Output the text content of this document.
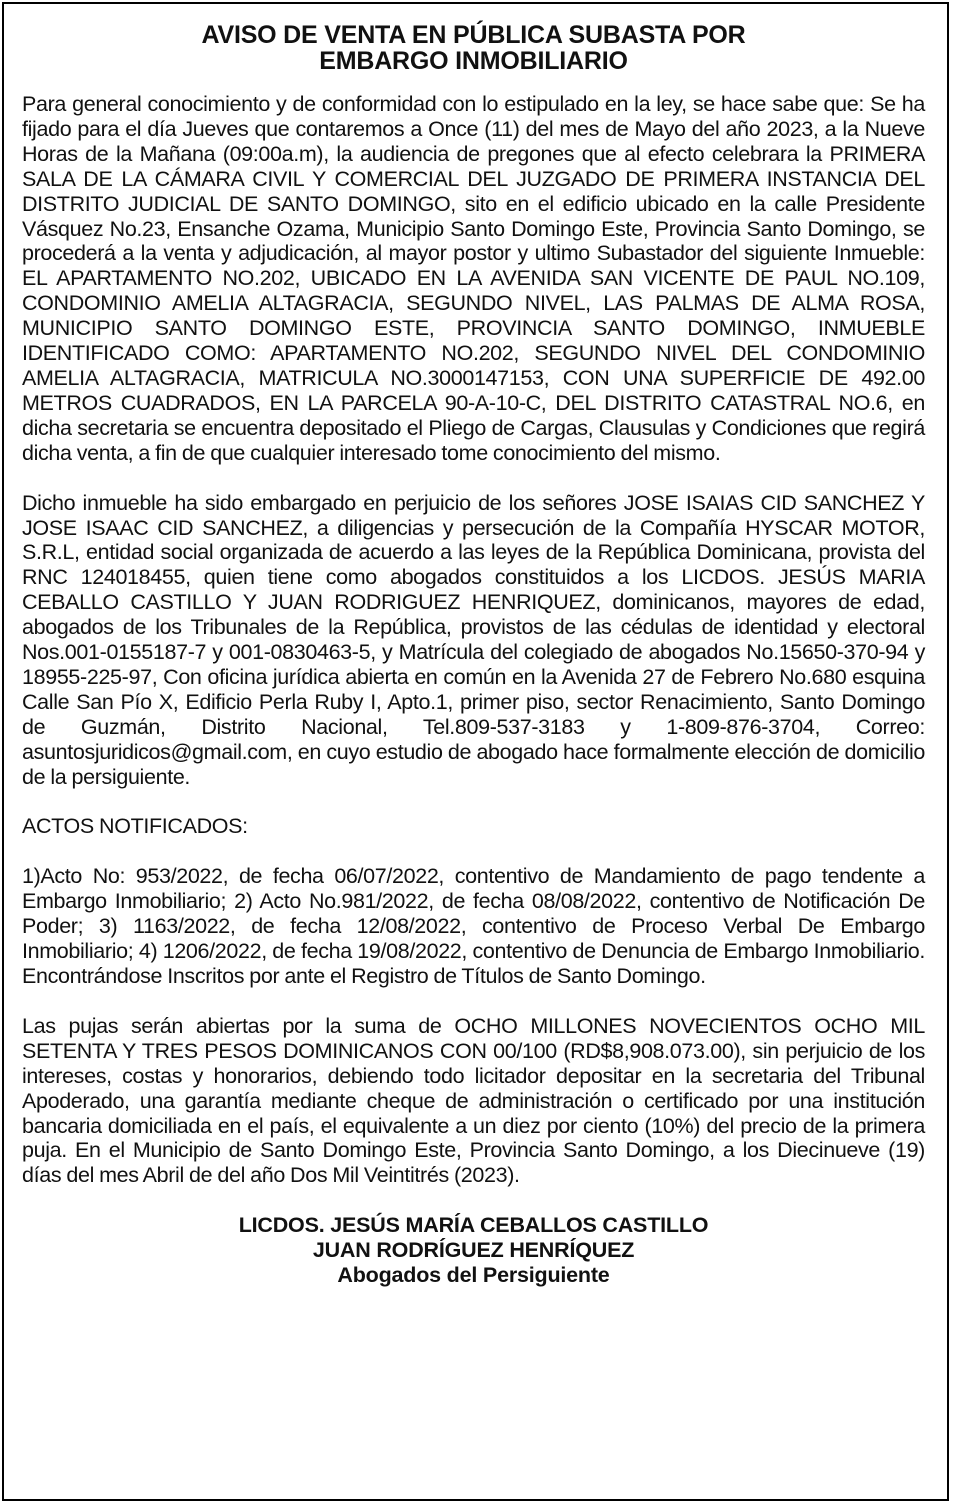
AVISO DE VENTA EN PÚBLICA SUBASTA POR
EMBARGO INMOBILIARIO

Para general conocimiento y de conformidad con lo estipulado en la ley, se hace sabe que: Se ha fijado para el día Jueves que contaremos a Once (11) del mes de Mayo del año 2023, a la Nueve Horas de la Mañana (09:00a.m), la audiencia de pregones que al efecto celebrara la PRIMERA SALA DE LA CÁMARA CIVIL Y COMERCIAL DEL JUZGADO DE PRIMERA INSTANCIA DEL DISTRITO JUDICIAL DE SANTO DOMINGO, sito en el edificio ubicado en la calle Presidente Vásquez No.23, Ensanche Ozama, Municipio Santo Domingo Este, Provincia Santo Domingo, se procederá a la venta y adjudicación, al mayor postor y ultimo Subastador del siguiente Inmueble: EL APARTAMENTO NO.202, UBICADO EN LA AVENIDA SAN VICENTE DE PAUL NO.109, CONDOMINIO AMELIA ALTAGRACIA, SEGUNDO NIVEL, LAS PALMAS DE ALMA ROSA, MUNICIPIO SANTO DOMINGO ESTE, PROVINCIA SANTO DOMINGO, INMUEBLE IDENTIFICADO COMO: APARTAMENTO NO.202, SEGUNDO NIVEL DEL CONDOMINIO AMELIA ALTAGRACIA, MATRICULA NO.3000147153, CON UNA SUPERFICIE DE 492.00 METROS CUADRADOS, EN LA PARCELA 90-A-10-C, DEL DISTRITO CATASTRAL NO.6, en dicha secretaria se encuentra depositado el Pliego de Cargas, Clausulas y Condiciones que regirá dicha venta, a fin de que cualquier interesado tome conocimiento del mismo.

Dicho inmueble ha sido embargado en perjuicio de los señores JOSE ISAIAS CID SANCHEZ Y JOSE ISAAC CID SANCHEZ, a diligencias y persecución de la Compañía HYSCAR MOTOR, S.R.L, entidad social organizada de acuerdo a las leyes de la República Dominicana, provista del RNC 124018455, quien tiene como abogados constituidos a los LICDOS. JESÚS MARIA CEBALLO CASTILLO Y JUAN RODRIGUEZ HENRIQUEZ, dominicanos, mayores de edad, abogados de los Tribunales de la República, provistos de las cédulas de identidad y electoral Nos.001-0155187-7 y 001-0830463-5, y Matrícula del colegiado de abogados No.15650-370-94 y 18955-225-97, Con oficina jurídica abierta en común en la Avenida 27 de Febrero No.680 esquina Calle San Pío X, Edificio Perla Ruby I, Apto.1, primer piso, sector Renacimiento, Santo Domingo de Guzmán, Distrito Nacional, Tel.809-537-3183 y 1-809-876-3704, Correo: asuntosjuridicos@gmail.com, en cuyo estudio de abogado hace formalmente elección de domicilio de la persiguiente.

ACTOS NOTIFICADOS:

1)Acto No: 953/2022, de fecha 06/07/2022, contentivo de Mandamiento de pago tendente a Embargo Inmobiliario; 2) Acto No.981/2022, de fecha 08/08/2022, contentivo de Notificación De Poder; 3) 1163/2022, de fecha 12/08/2022, contentivo de Proceso Verbal De Embargo Inmobiliario; 4) 1206/2022, de fecha 19/08/2022, contentivo de Denuncia de Embargo Inmobiliario. Encontrándose Inscritos por ante el Registro de Títulos de Santo Domingo.

Las pujas serán abiertas por la suma de OCHO MILLONES NOVECIENTOS OCHO MIL SETENTA Y TRES PESOS DOMINICANOS CON 00/100 (RD$8,908.073.00), sin perjuicio de los intereses, costas y honorarios, debiendo todo licitador depositar en la secretaria del Tribunal Apoderado, una garantía mediante cheque de administración o certificado por una institución bancaria domiciliada en el país, el equivalente a un diez por ciento (10%) del precio de la primera puja. En el Municipio de Santo Domingo Este, Provincia Santo Domingo, a los Diecinueve (19) días del mes Abril de del año Dos Mil Veintitrés (2023).

LICDOS. JESÚS MARÍA CEBALLOS CASTILLO
JUAN RODRÍGUEZ HENRÍQUEZ
Abogados del Persiguiente
